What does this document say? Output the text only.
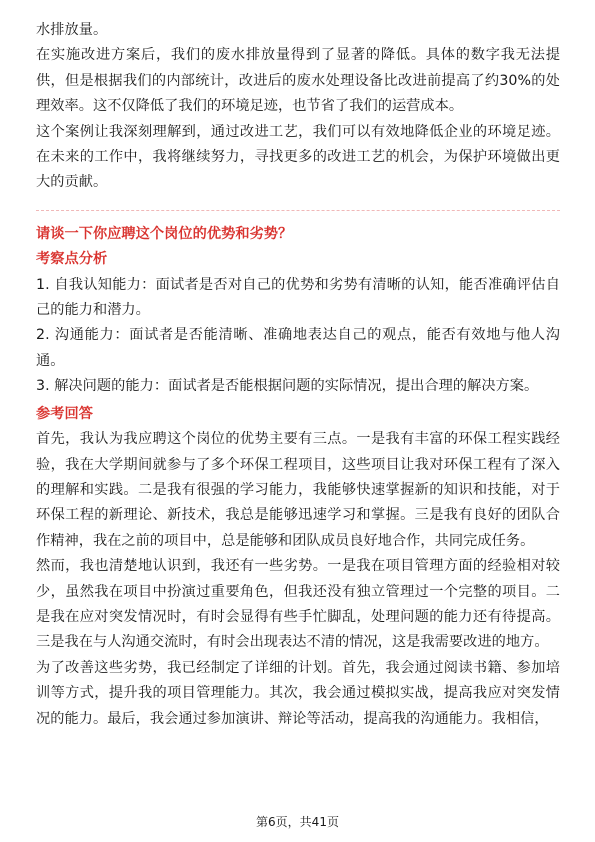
水排放量。

在实施改进方案后，我们的废水排放量得到了显著的降低。具体的数字我无法提供，但是根据我们的内部统计，改进后的废水处理设备比改进前提高了约30%的处理效率。这不仅降低了我们的环境足迹，也节省了我们的运营成本。

这个案例让我深刻理解到，通过改进工艺，我们可以有效地降低企业的环境足迹。在未来的工作中，我将继续努力，寻找更多的改进工艺的机会，为保护环境做出更大的贡献。

请谈一下你应聘这个岗位的优势和劣势？

考察点分析

1. 自我认知能力：面试者是否对自己的优势和劣势有清晰的认知，能否准确评估自己的能力和潜力。

2. 沟通能力：面试者是否能清晰、准确地表达自己的观点，能否有效地与他人沟通。

3. 解决问题的能力：面试者是否能根据问题的实际情况，提出合理的解决方案。

参考回答

首先，我认为我应聘这个岗位的优势主要有三点。一是我有丰富的环保工程实践经验，我在大学期间就参与了多个环保工程项目，这些项目让我对环保工程有了深入的理解和实践。二是我有很强的学习能力，我能够快速掌握新的知识和技能，对于环保工程的新理论、新技术，我总是能够迅速学习和掌握。三是我有良好的团队合作精神，我在之前的项目中，总是能够和团队成员良好地合作，共同完成任务。

然而，我也清楚地认识到，我还有一些劣势。一是我在项目管理方面的经验相对较少，虽然我在项目中扮演过重要角色，但我还没有独立管理过一个完整的项目。二是我在应对突发情况时，有时会显得有些手忙脚乱，处理问题的能力还有待提高。三是我在与人沟通交流时，有时会出现表达不清的情况，这是我需要改进的地方。

为了改善这些劣势，我已经制定了详细的计划。首先，我会通过阅读书籍、参加培训等方式，提升我的项目管理能力。其次，我会通过模拟实战，提高我应对突发情况的能力。最后，我会通过参加演讲、辩论等活动，提高我的沟通能力。我相信，

第6页，共41页
